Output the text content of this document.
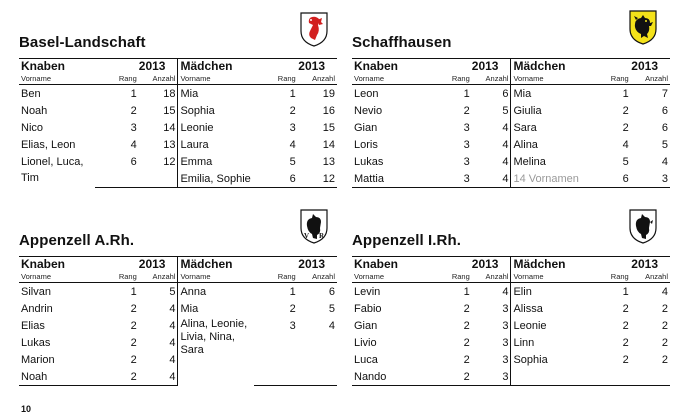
Basel-Landschaft
Knaben	2013		Mädchen	2013	
Vorname	Rang	Anzahl	Vorname	Rang	Anzahl
Ben	1	18	Mia	1	19
Noah	2	15	Sophia	2	16
Nico	3	14	Leonie	3	15
Elias, Leon	4	13	Laura	4	14
Lionel, Luca, Tim	6	12	Emma	5	13
			Emilia, Sophie	6	12
Schaffhausen
Knaben	2013		Mädchen	2013	
Vorname	Rang	Anzahl	Vorname	Rang	Anzahl
Leon	1	6	Mia	1	7
Nevio	2	5	Giulia	2	6
Gian	3	4	Sara	2	6
Loris	3	4	Alina	4	5
Lukas	3	4	Melina	5	4
Mattia	3	4	14 Vornamen	6	3
Appenzell A.Rh.	V R
Knaben	2013		Mädchen	2013	
Vorname	Rang	Anzahl	Vorname	Rang	Anzahl
Silvan	1	5	Anna	1	6
Andrin	2	4	Mia	2	5
Elias	2	4	Alina, Leonie, Livia, Nina, Sara	3	4
Lukas	2	4			
Marion	2	4			
Noah	2	4			
Appenzell I.Rh.
Knaben	2013		Mädchen	2013	
Vorname	Rang	Anzahl	Vorname	Rang	Anzahl
Levin	1	4	Elin	1	4
Fabio	2	3	Alissa	2	2
Gian	2	3	Leonie	2	2
Livio	2	3	Linn	2	2
Luca	2	3	Sophia	2	2
Nando	2	3			
10
